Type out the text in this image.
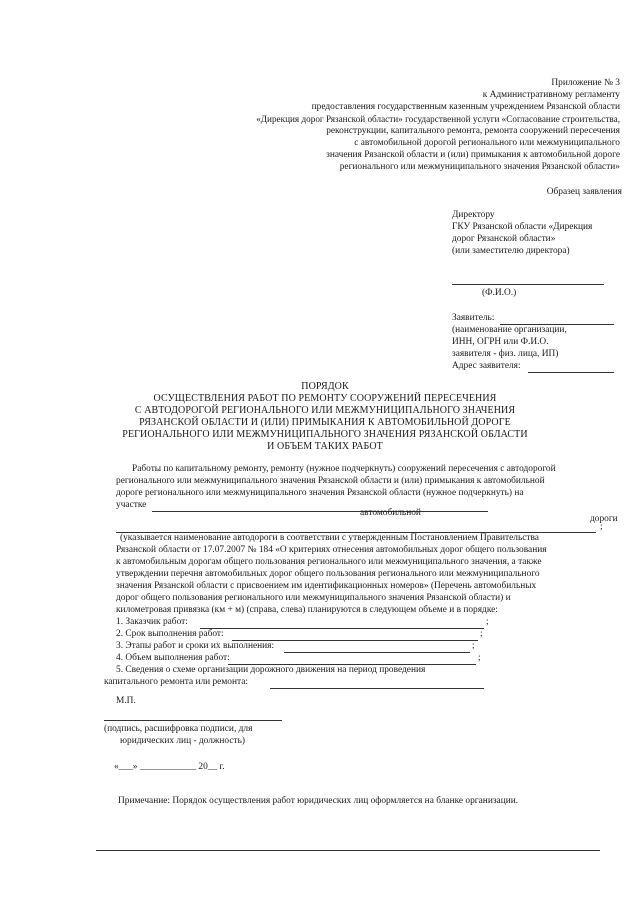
Приложение № 3
к Административному регламенту
предоставления государственным казенным учреждением Рязанской области
«Дирекция дорог Рязанской области» государственной услуги «Согласование строительства,
реконструкции, капитального ремонта, ремонта сооружений пересечения
с автомобильной дорогой регионального или межмуниципального
значения Рязанской области и (или) примыкания к автомобильной дороге
регионального или межмуниципального значения Рязанской области»
Образец заявления
Директору
ГКУ Рязанской области «Дирекция
дорог Рязанской области»
(или заместителю директора)
(Ф.И.О.)
Заявитель:
(наименование организации,
ИНН, ОГРН или Ф.И.О.
заявителя - физ. лица, ИП)
Адрес заявителя:
ПОРЯДОК
ОСУЩЕСТВЛЕНИЯ РАБОТ ПО РЕМОНТУ СООРУЖЕНИЙ ПЕРЕСЕЧЕНИЯ
С АВТОДОРОГОЙ РЕГИОНАЛЬНОГО ИЛИ МЕЖМУНИЦИПАЛЬНОГО ЗНАЧЕНИЯ
РЯЗАНСКОЙ ОБЛАСТИ И (ИЛИ) ПРИМЫКАНИЯ К АВТОМОБИЛЬНОЙ ДОРОГЕ
РЕГИОНАЛЬНОГО ИЛИ МЕЖМУНИЦИПАЛЬНОГО ЗНАЧЕНИЯ РЯЗАНСКОЙ ОБЛАСТИ
И ОБЪЕМ ТАКИХ РАБОТ
Работы по капитальному ремонту, ремонту (нужное подчеркнуть) сооружений пересечения с автодорогой
регионального или межмуниципального значения Рязанской области и (или) примыкания к автомобильной
дороге регионального или межмуниципального значения Рязанской области (нужное подчеркнуть) на
участке
автомобильной
дороги
;
(указывается наименование автодороги в соответствии с утвержденным Постановлением Правительства
Рязанской области от 17.07.2007 № 184 «О критериях отнесения автомобильных дорог общего пользования
к автомобильным дорогам общего пользования регионального или межмуниципального значения, а также
утверждении перечня автомобильных дорог общего пользования регионального или межмуниципального
значения Рязанской области с присвоением им идентификационных номеров» (Перечень автомобильных
дорог общего пользования регионального или межмуниципального значения Рязанской области) и
километровая привязка (км + м) (справа, слева) планируются в следующем объеме и в порядке:
1. Заказчик работ:	;
2. Срок выполнения работ:	;
3. Этапы работ и сроки их выполнения:	;
4. Объем выполнения работ:	;
5. Сведения о схеме организации дорожного движения на период проведения
капитального ремонта или ремонта:
М.П.
(подпись, расшифровка подписи, для
юридических лиц - должность)
«___» ____________ 20__ г.
Примечание: Порядок осуществления работ юридических лиц оформляется на бланке организации.
